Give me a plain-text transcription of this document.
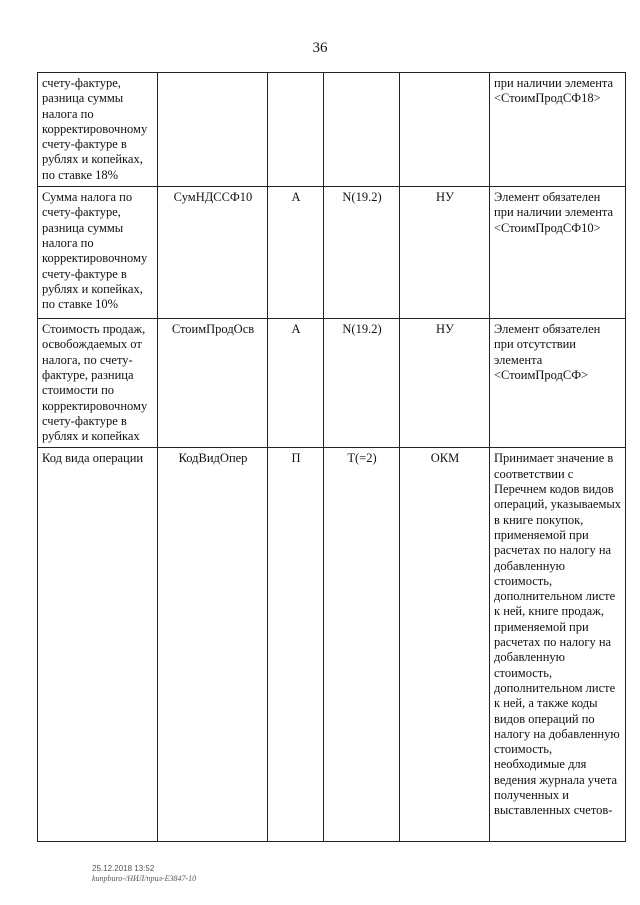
36
счету-фактуре, разница суммы налога по корректировочному счету-фактуре в рублях и копейках, по ставке 18%					при наличии элемента <СтоимПродСФ18>
Сумма налога по счету-фактуре, разница суммы налога по корректировочному счету-фактуре в рублях и копейках, по ставке 10%	СумНДССФ10	А	N(19.2)	НУ	Элемент обязателен при наличии элемента <СтоимПродСФ10>
Стоимость продаж, освобождаемых от налога, по счету-фактуре, разница стоимости по корректировочному счету-фактуре в рублях и копейках	СтоимПродОсв	А	N(19.2)	НУ	Элемент обязателен при отсутствии элемента <СтоимПродСФ>
Код вида операции	КодВидОпер	П	T(=2)	ОКМ	Принимает значение в соответствии с Перечнем кодов видов операций, указываемых в книге покупок, применяемой при расчетах по налогу на добавленную стоимость, дополнительном листе к ней, книге продаж, применяемой при расчетах по налогу на добавленную стоимость, дополнительном листе к ней, а также коды видов операций по налогу на добавленную стоимость, необходимые для ведения журнала учета полученных и выставленных счетов-
25.12.2018 13:52
kunpburo-/НИЛ/прил-Е3847-10
